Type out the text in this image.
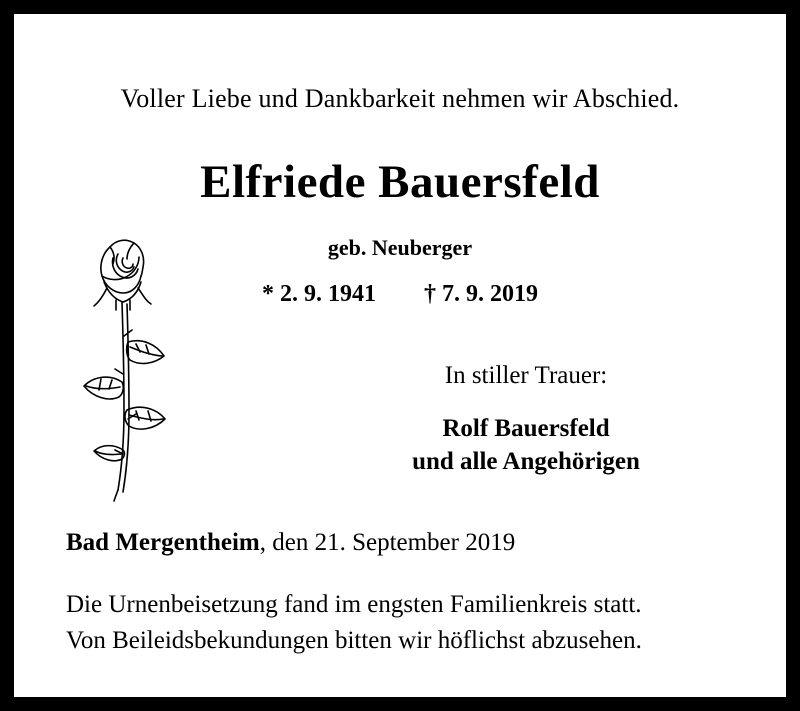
Voller Liebe und Dankbarkeit nehmen wir Abschied.
Elfriede Bauersfeld
geb. Neuberger
* 2. 9. 1941 † 7. 9. 2019
In stiller Trauer:
Rolf Bauersfeld
und alle Angehörigen
Bad Mergentheim, den 21. September 2019
Die Urnenbeisetzung fand im engsten Familienkreis statt.
Von Beileidsbekundungen bitten wir höflichst abzusehen.
